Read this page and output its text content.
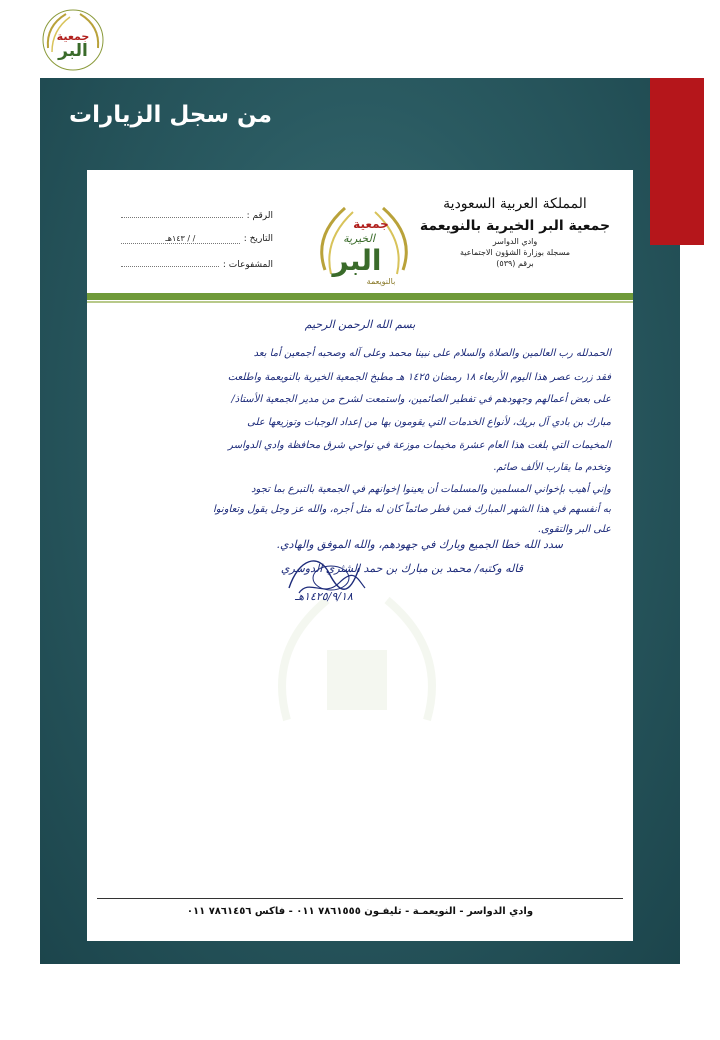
جمعية
البر
من سجل الزيارات
المملكة العربية السعودية
جمعية البر الخيرية بالنويعمة
وادي الدواسر
مسجلة بوزارة الشؤون الاجتماعية
برقم (٥٣٩)
جمعية
الخيرية
البر
بالنويعمة
الرقم :
التاريخ :
/ / ١٤٣هـ
المشفوعات :
بسم الله الرحمن الرحيم
الحمدلله رب العالمين والصلاة والسلام على نبينا محمد وعلى آله وصحبه أجمعين أما بعد
فقد زرت عصر هذا اليوم الأربعاء ١٨ رمضان ١٤٢٥ هـ مطبخ الجمعية الخيرية بالنويعمة واطلعت
على بعض أعمالهم وجهودهم في تفطير الصائمين، واستمعت لشرح من مدير الجمعية الأستاذ/
مبارك بن بادي آل بريك، لأنواع الخدمات التي يقومون بها من إعداد الوجبات وتوزيعها على
المخيمات التي بلغت هذا العام عشرة مخيمات موزعة في نواحي شرق محافظة وادي الدواسر
وتخدم ما يقارب الألف صائم.
وإني أهيب بإخواني المسلمين والمسلمات أن يعينوا إخوانهم في الجمعية بالتبرع بما تجود
به أنفسهم في هذا الشهر المبارك فمن فطر صائماً كان له مثل أجره، والله عز وجل يقول وتعاونوا
على البر والتقوى.
سدد الله خطا الجميع وبارك في جهودهم، والله الموفق والهادي.
قاله وكتبه/ محمد بن مبارك بن حمد الشثري الدوسري
١٤٢٥/٩/١٨هـ
وادي الدواسر - النويعمـة - تليفـون ٧٨٦١٥٥٥ ٠١١ - فاكس ٧٨٦١٤٥٦ ٠١١
